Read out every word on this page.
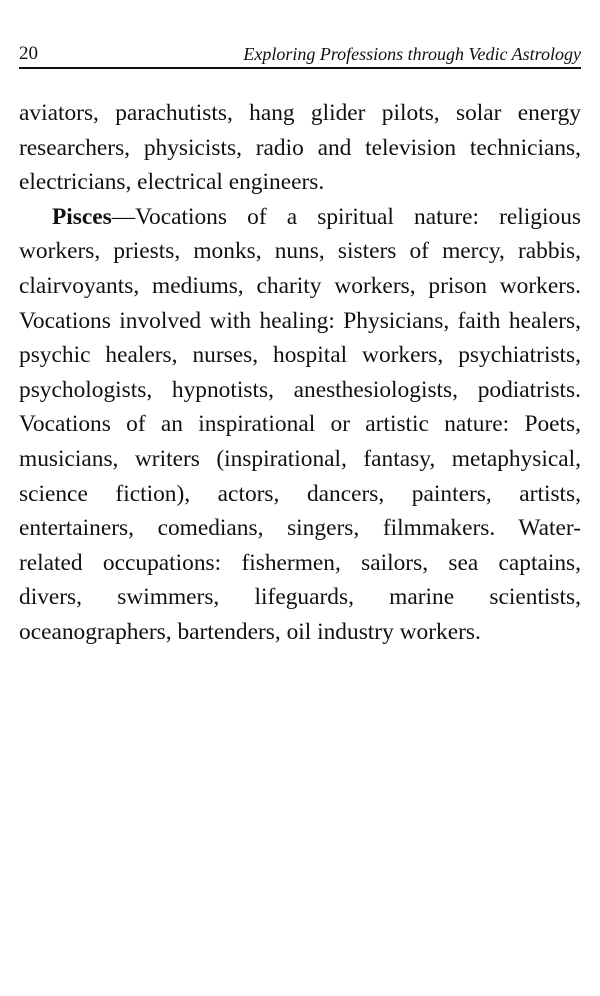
20	Exploring Professions through Vedic Astrology
aviators, parachutists, hang glider pilots, solar energy
researchers, physicists, radio and television technicians,
electricians, electrical engineers.
Pisces—Vocations of a spiritual nature: religious
workers, priests, monks, nuns, sisters of mercy, rabbis,
clairvoyants, mediums, charity workers, prison workers.
Vocations involved with healing: Physicians, faith healers,
psychic healers, nurses, hospital workers, psychiatrists,
psychologists, hypnotists, anesthesiologists, podiatrists.
Vocations of an inspirational or artistic nature: Poets,
musicians, writers (inspirational, fantasy, metaphysical,
science fiction), actors, dancers, painters, artists,
entertainers, comedians, singers, filmmakers. Water-
related occupations: fishermen, sailors, sea captains,
divers, swimmers, lifeguards, marine scientists,
oceanographers, bartenders, oil industry workers.
